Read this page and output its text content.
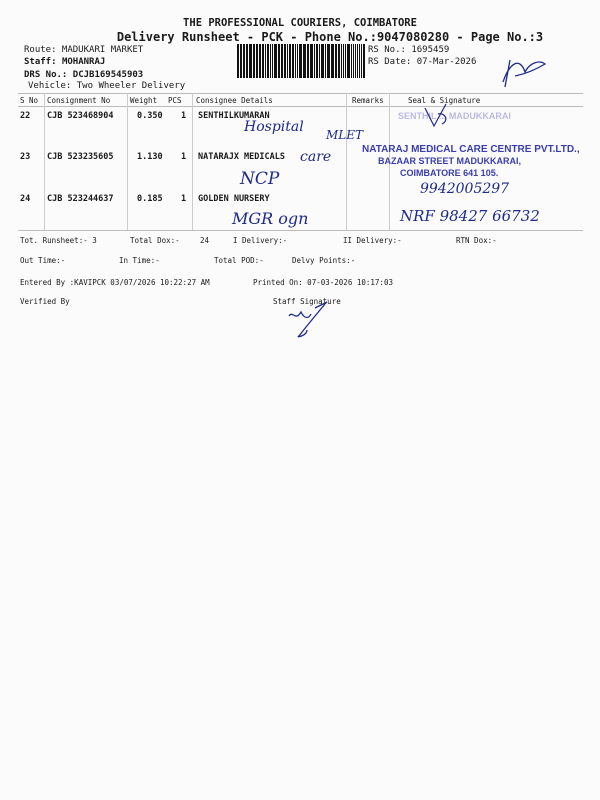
THE PROFESSIONAL COURIERS, COIMBATORE
Delivery Runsheet - PCK - Phone No.:9047080280 - Page No.:3
Route: MADUKARI MARKET
Staff: MOHANRAJ
DRS No.: DCJB169545903
Vehicle: Two Wheeler Delivery
RS No.: 1695459
RS Date: 07-Mar-2026
S No Consignment No	Weight PCS Consignee Details	Remarks	Seal & Signature
22 CJB 523468904	0.350 1 SENTHILKUMARAN
23 CJB 523235605	1.130 1 NATARAJX MEDICALS
24 CJB 523244637	0.185 1 GOLDEN NURSERY
Hospital MLET
care
NCP	9942005297
NRF 98427 66732
MGR ogn
SENTHIL ... MADUKKARAI
NATARAJ MEDICAL CARE CENTRE PVT.LTD.,
BAZAAR STREET MADUKKARAI,
COIMBATORE 641 105.
Tot. Runsheet:- 3	Total Dox:-	24	I Delivery:-	II Delivery:-	RTN Dox:-
Out Time:-	In Time:-	Total POD:-	Delvy Points:-
Entered By :KAVIPCK 03/07/2026 10:22:27 AM	Printed On: 07-03-2026 10:17:03
Verified By	Staff Signature
